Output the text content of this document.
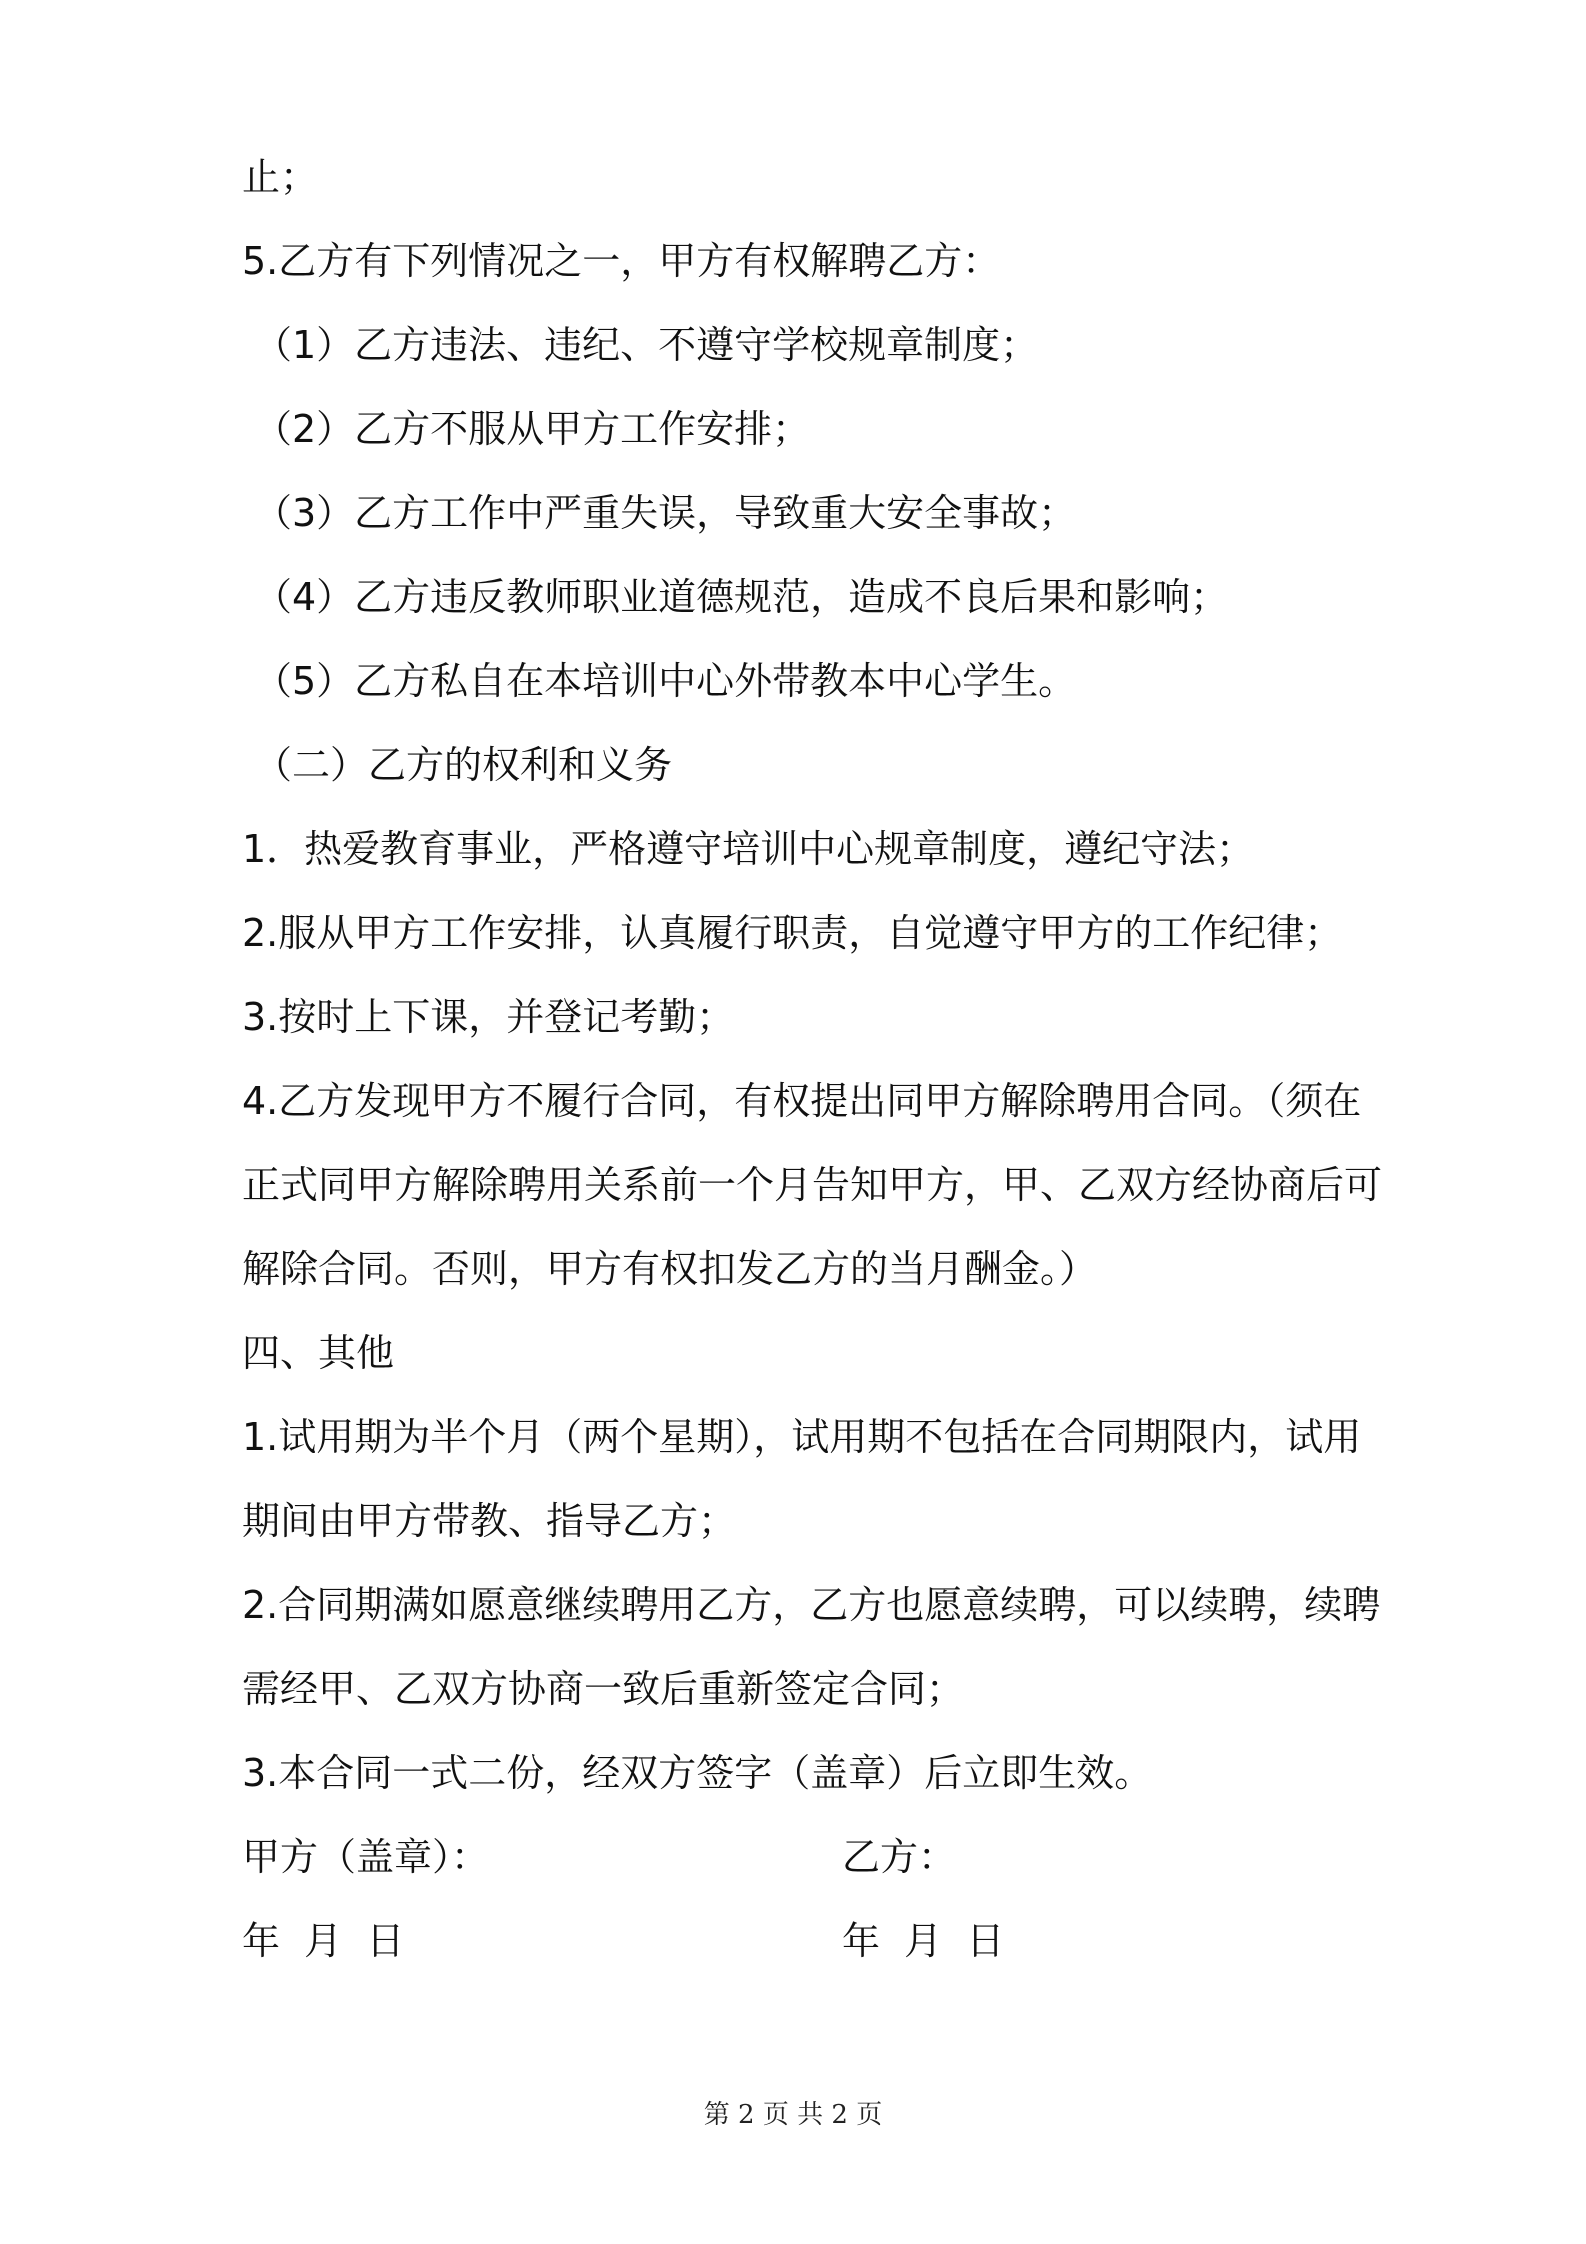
止；
5.乙方有下列情况之一，甲方有权解聘乙方：
（1）乙方违法、违纪、不遵守学校规章制度；
（2）乙方不服从甲方工作安排；
（3）乙方工作中严重失误，导致重大安全事故；
（4）乙方违反教师职业道德规范，造成不良后果和影响；
（5）乙方私自在本培训中心外带教本中心学生。
（二）乙方的权利和义务
1．热爱教育事业，严格遵守培训中心规章制度，遵纪守法；
2.服从甲方工作安排，认真履行职责，自觉遵守甲方的工作纪律；
3.按时上下课，并登记考勤；
4.乙方发现甲方不履行合同，有权提出同甲方解除聘用合同。（须在
正式同甲方解除聘用关系前一个月告知甲方，甲、乙双方经协商后可
解除合同。否则，甲方有权扣发乙方的当月酬金。）
四、其他
1.试用期为半个月（两个星期），试用期不包括在合同期限内，试用
期间由甲方带教、指导乙方；
2.合同期满如愿意继续聘用乙方，乙方也愿意续聘，可以续聘，续聘
需经甲、乙双方协商一致后重新签定合同；
3.本合同一式二份，经双方签字（盖章）后立即生效。
甲方（盖章）：	乙方：
年  月  日	年  月  日
第 2 页 共 2 页
